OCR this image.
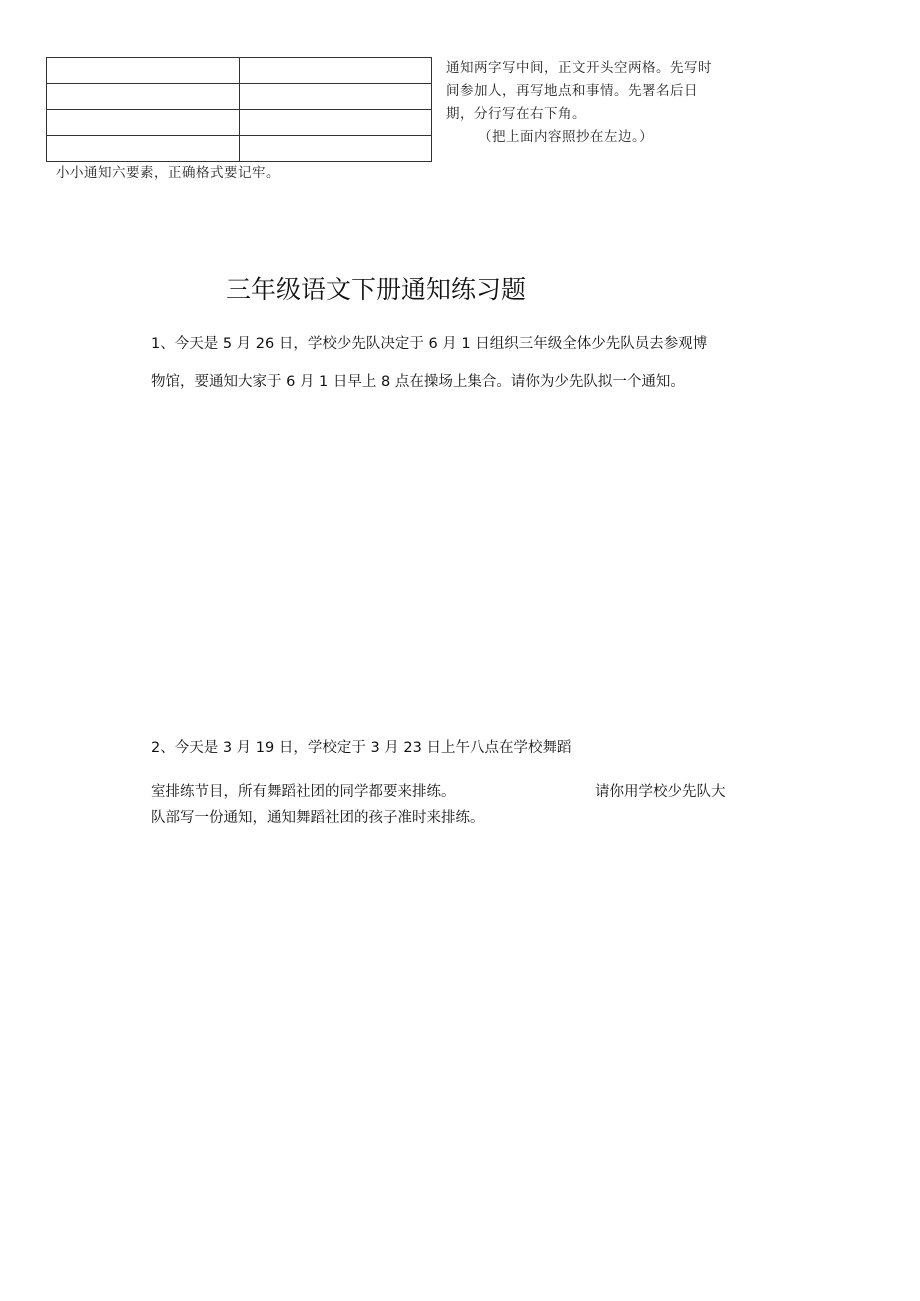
通知两字写中间，正文开头空两格。先写时
间参加人，再写地点和事情。先署名后日
期，分行写在右下角。
（把上面内容照抄在左边。）
小小通知六要素，正确格式要记牢。
三年级语文下册通知练习题
1、今天是 5 月 26 日，学校少先队决定于 6 月 1 日组织三年级全体少先队员去参观博
物馆，要通知大家于 6 月 1 日早上 8 点在操场上集合。请你为少先队拟一个通知。
2、今天是 3 月 19 日，学校定于 3 月 23 日上午八点在学校舞蹈
室排练节目，所有舞蹈社团的同学都要来排练。	请你用学校少先队大
队部写一份通知，通知舞蹈社团的孩子准时来排练。
